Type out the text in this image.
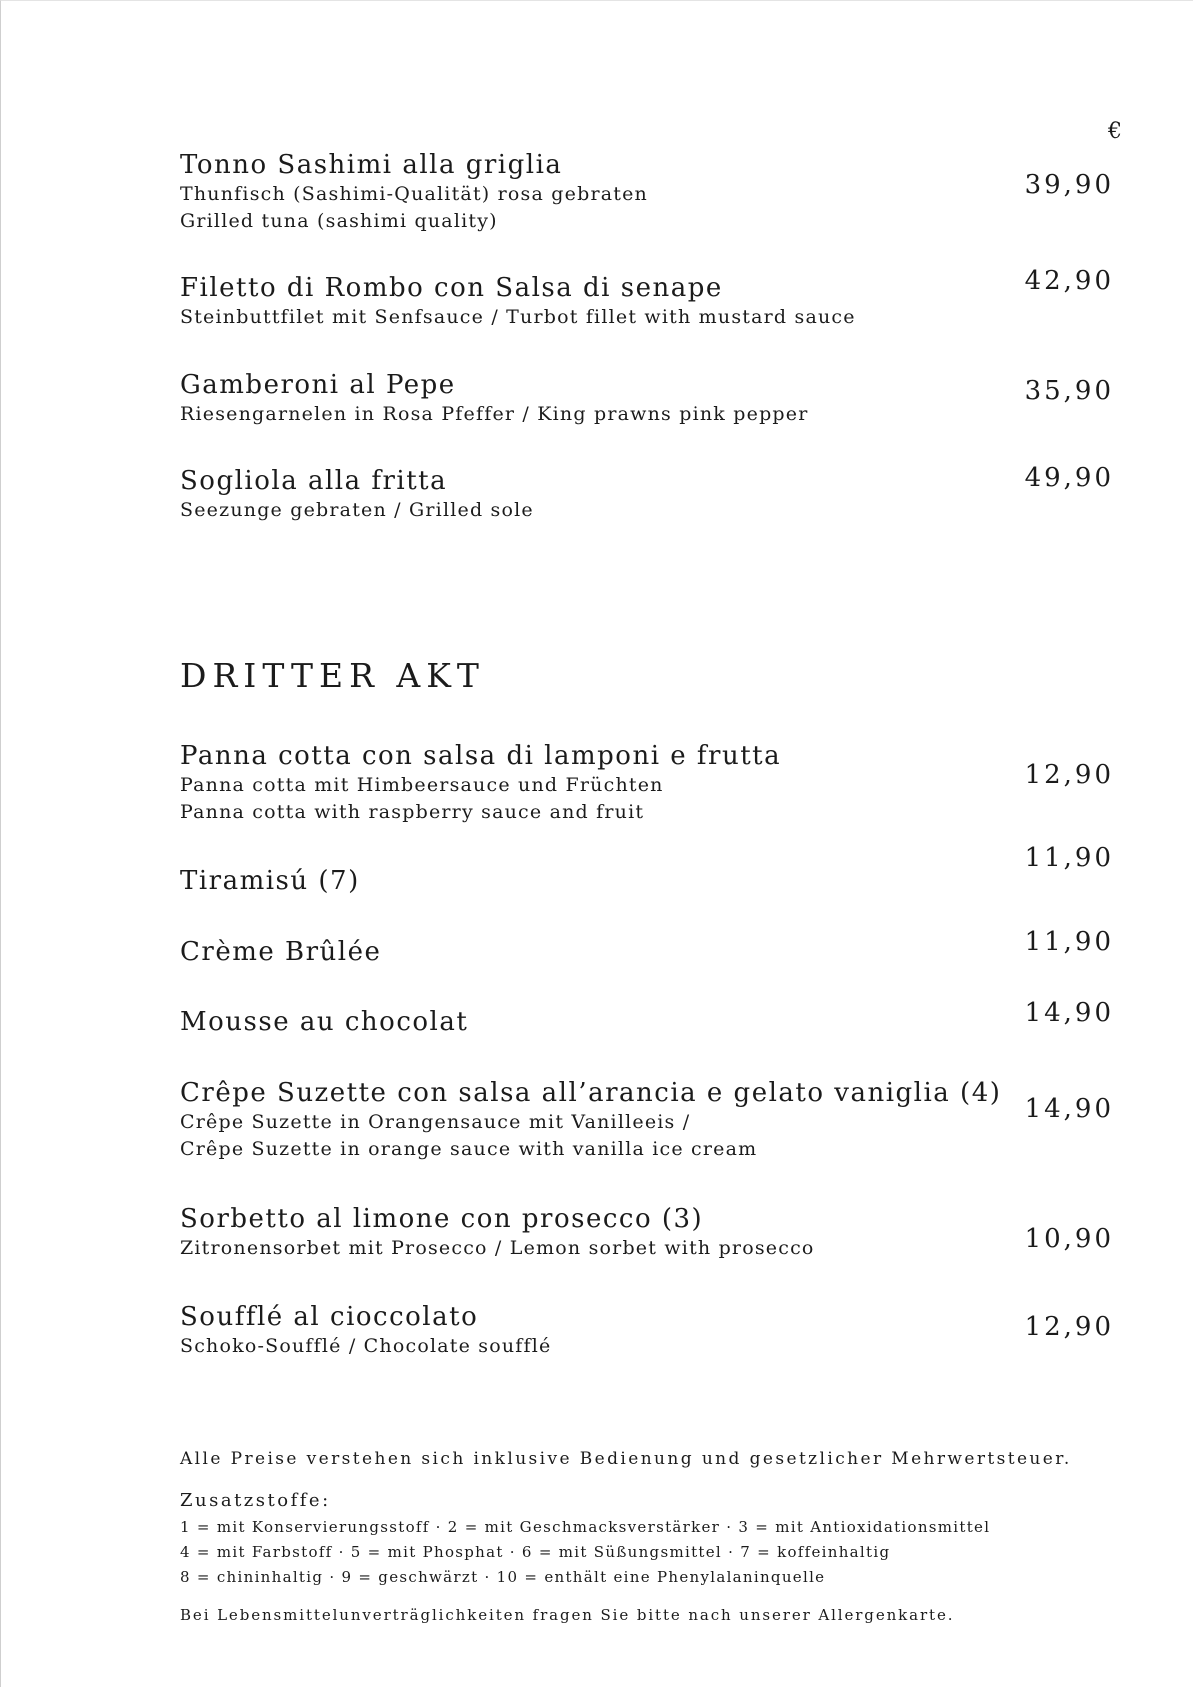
€
Tonno Sashimi alla griglia
Thunfisch (Sashimi-Qualität) rosa gebraten
Grilled tuna (sashimi quality)
39,90
Filetto di Rombo con Salsa di senape
Steinbuttfilet mit Senfsauce / Turbot fillet with mustard sauce
42,90
Gamberoni al Pepe
Riesengarnelen in Rosa Pfeffer / King prawns pink pepper
35,90
Sogliola alla fritta
Seezunge gebraten / Grilled sole
49,90
DRITTER AKT
Panna cotta con salsa di lamponi e frutta
Panna cotta mit Himbeersauce und Früchten
Panna cotta with raspberry sauce and fruit
12,90
Tiramisú (7)
11,90
Crème Brûlée	11,90
Mousse au chocolat	14,90
Crêpe Suzette con salsa all’arancia e gelato vaniglia (4)
Crêpe Suzette in Orangensauce mit Vanilleeis /
Crêpe Suzette in orange sauce with vanilla ice cream
14,90
Sorbetto al limone con prosecco (3)
Zitronensorbet mit Prosecco / Lemon sorbet with prosecco	10,90
Soufflé al cioccolato
Schoko-Soufflé / Chocolate soufflé
12,90
Alle Preise verstehen sich inklusive Bedienung und gesetzlicher Mehrwertsteuer.
Zusatzstoffe:
1 = mit Konservierungsstoff · 2 = mit Geschmacksverstärker · 3 = mit Antioxidationsmittel
4 = mit Farbstoff · 5 = mit Phosphat · 6 = mit Süßungsmittel · 7 = koffeinhaltig
8 = chininhaltig · 9 = geschwärzt · 10 = enthält eine Phenylalaninquelle
Bei Lebensmittelunverträglichkeiten fragen Sie bitte nach unserer Allergenkarte.
